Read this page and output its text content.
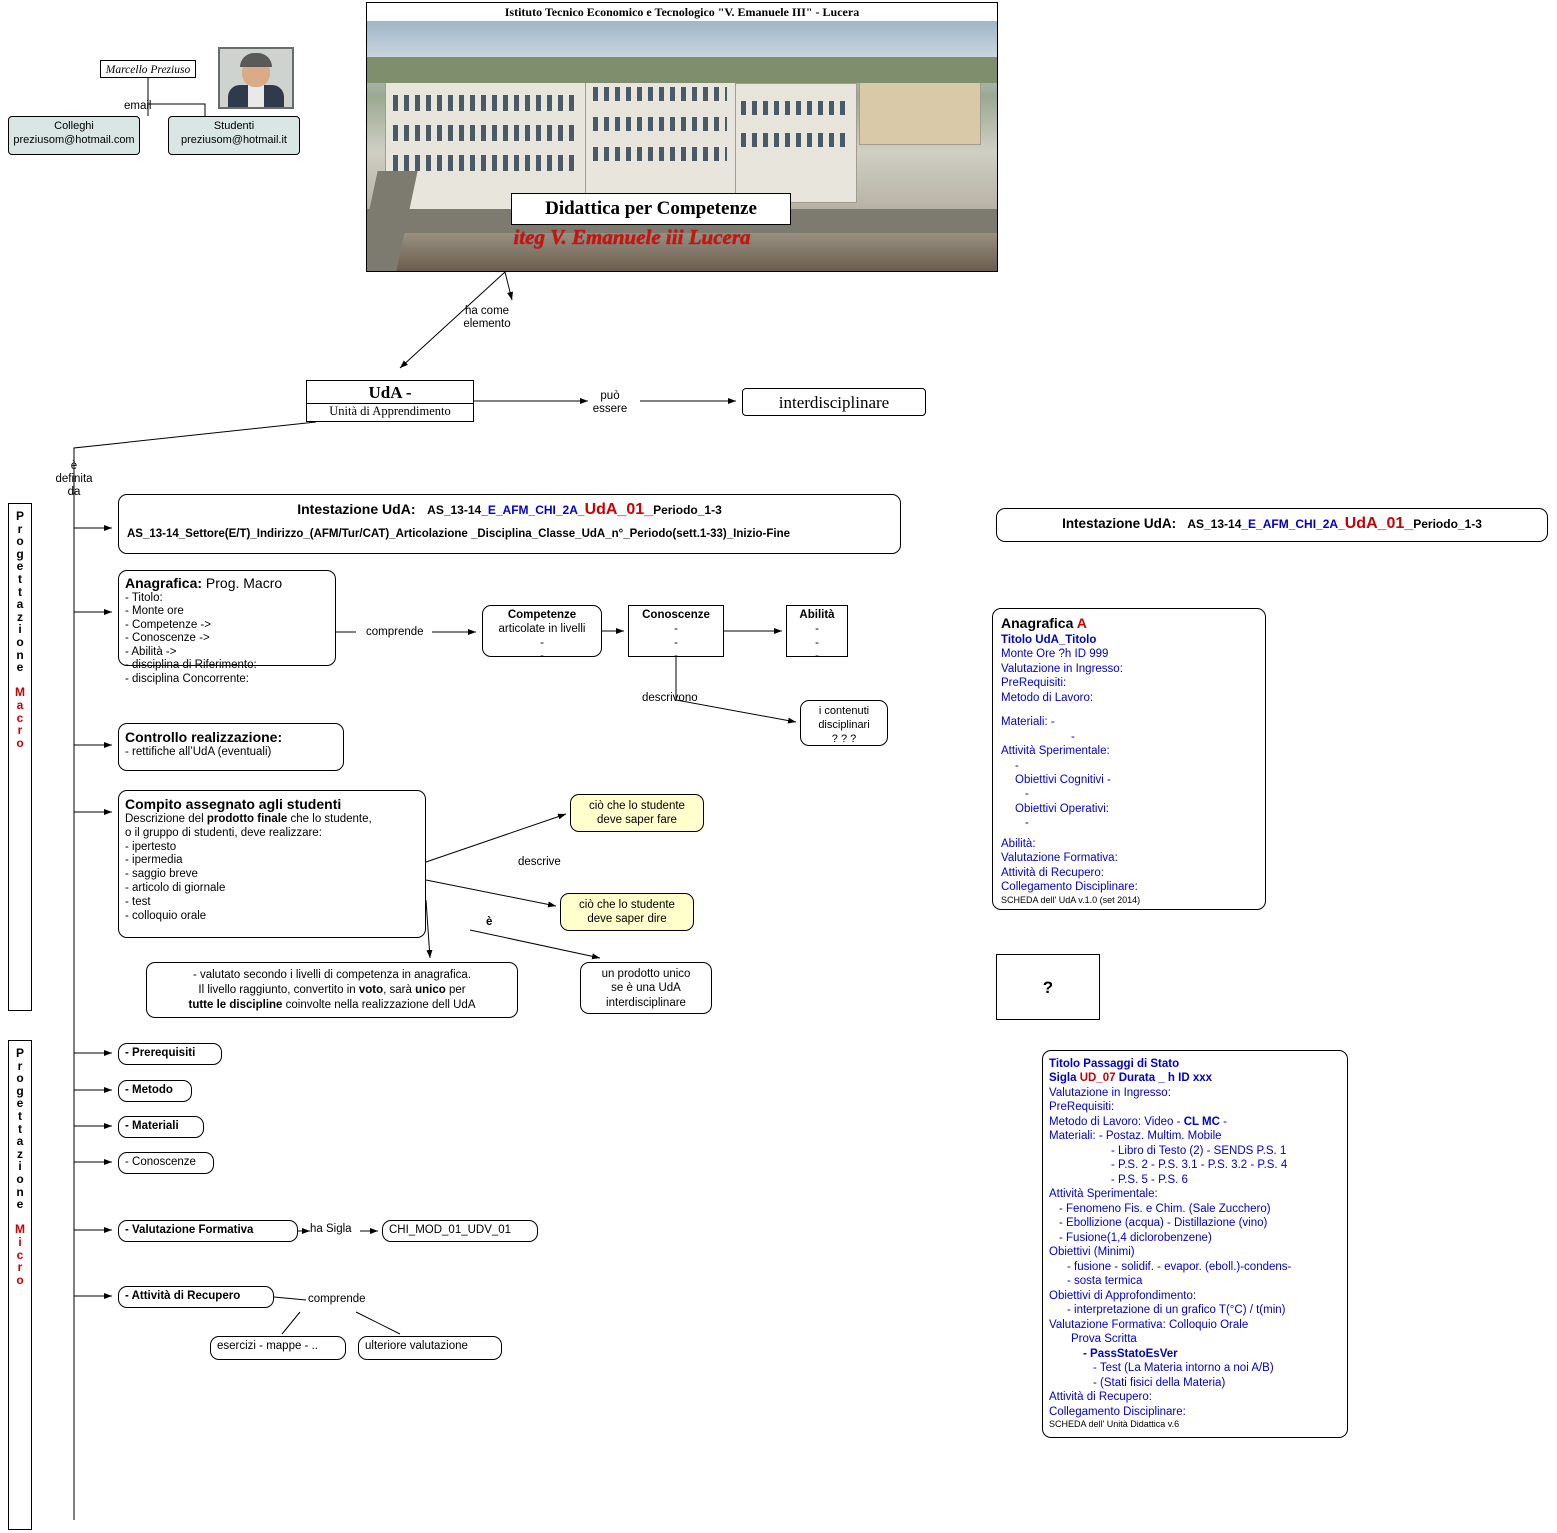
Istituto Tecnico Economico e Tecnologico "V. Emanuele III" - Lucera
Didattica per Competenze
iteg V. Emanuele iii Lucera
Marcello Preziuso
email
Colleghi
preziusom@hotmail.com
Studenti
preziusom@hotmail.it
ha come
elemento
può
essere
è
definita
da
comprende
descrivono
descrive
è
ha Sigla
comprende
UdA -
Unità di Apprendimento	interdisciplinare
P
r
o
g
e
t
t
a
z
i
o
n
e

M
a
c
r
o
P
r
o
g
e
t
t
a
z
i
o
n
e

M
i
c
r
o
Intestazione UdA:   AS_13-14_E_AFM_CHI_2A_UdA_01_Periodo_1-3
AS_13-14_Settore(E/T)_Indirizzo_(AFM/Tur/CAT)_Articolazione _Disciplina_Classe_UdA_n°_Periodo(sett.1-33)_Inizio-Fine
Intestazione UdA:   AS_13-14_E_AFM_CHI_2A_UdA_01_Periodo_1-3
Anagrafica: Prog. Macro
- Titolo:
- Monte ore
- Competenze ->
- Conoscenze ->
- Abilità ->
- disciplina di Riferimento:
- disciplina Concorrente:
Competenze
articolate in livelli
-
-
Conoscenze
-
-
-
Abilità
-
-
-
i contenuti
disciplinari
? ? ?
Controllo realizzazione:
- rettifiche all’UdA (eventuali)
Compito assegnato agli studenti
Descrizione del prodotto finale che lo studente,
o il gruppo di studenti, deve realizzare:
- ipertesto
- ipermedia
- saggio breve
- articolo di giornale
- test
- colloquio orale
ciò che lo studente
deve saper fare
ciò che lo studente
deve saper dire
- valutato secondo i livelli di competenza in anagrafica.
Il livello raggiunto, convertito in voto, sarà unico per
tutte le discipline coinvolte nella realizzazione dell UdA
un prodotto unico
se è una UdA
interdisciplinare
- Prerequisiti
- Metodo
- Materiali
- Conoscenze
- Valutazione Formativa	CHI_MOD_01_UDV_01
- Attività di Recupero
esercizi - mappe - ..	ulteriore valutazione
Anagrafica A
Titolo UdA_Titolo
Monte Ore ?h ID 999
Valutazione in Ingresso:
PreRequisiti:
Metodo di Lavoro:
Materiali: -
-
Attività Sperimentale:
-
Obiettivi Cognitivi -
-
Obiettivi Operativi:
-
Abilità:
Valutazione Formativa:
Attività di Recupero:
Collegamento Disciplinare:
SCHEDA dell' UdA v.1.0 (set 2014)
?
Titolo Passaggi di Stato
Sigla UD_07 Durata _ h ID xxx
Valutazione in Ingresso:
PreRequisiti:
Metodo di Lavoro: Video - CL MC -
Materiali: - Postaz. Multim. Mobile
- Libro di Testo (2) - SENDS P.S. 1
- P.S. 2 - P.S. 3.1 - P.S. 3.2 - P.S. 4
- P.S. 5 - P.S. 6
Attività Sperimentale:
- Fenomeno Fis. e Chim. (Sale Zucchero)
- Ebollizione (acqua) - Distillazione (vino)
- Fusione(1,4 diclorobenzene)
Obiettivi (Minimi)
- fusione - solidif. - evapor. (eboll.)-condens-
- sosta termica
Obiettivi di Approfondimento:
- interpretazione di un grafico T(°C) / t(min)
Valutazione Formativa: Colloquio Orale
Prova Scritta
- PassStatoEsVer
- Test (La Materia intorno a noi A/B)
- (Stati fisici della Materia)
Attività di Recupero:
Collegamento Disciplinare:
SCHEDA dell' Unità Didattica v.6
